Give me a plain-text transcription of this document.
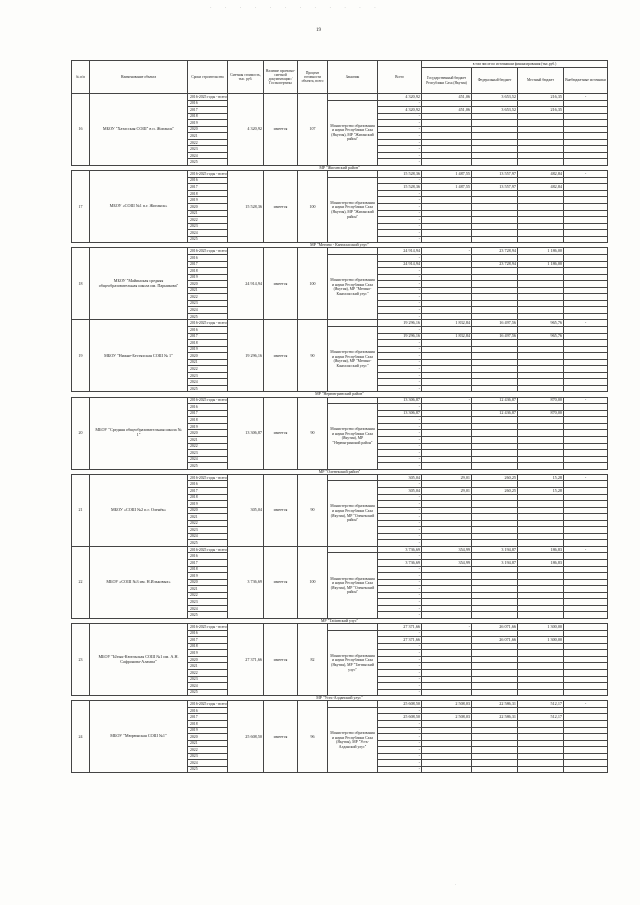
· · · · · · · · · · · ·
19
№ п/п	Наименование объекта	Сроки строительства	Сметная стоимость, тыс. руб.	Наличие проектно-сметной документации / Госэкспертизы	Процент готовности объекта, всего	Заказчик	Всего	в том числе по источникам финансирования (тыс.руб.)			
								Государственный бюджет Республики Саха (Якутия)	Федеральный бюджет	Местный бюджет	Внебюджетные источники
16	МБОУ "Хатасская СОШ" в п. Жиганск"	2016-2025 годы - всего	4 320,92	имеется	107		4 320,92	451,06	3 653,52	216,35	-
		2016				Министерство образования и науки Республики Саха (Якутия), МР "Жиганский район"	-				
		2017					4 320,92	451,06	3 653,52	216,35	
		2018					-				
		2019					-				
		2020					-				
		2021					-				
		2022					-				
		2023					-				
		2024					-				
		2025					-				
МР "Жиганский район"											
17	МБОУ «СОШ №1 п.г. Жиганск»	2016-2025 годы - всего	15 528,36	имеется	100		15 528,36	1 487,55	13 557,97	482,84	-
		2016				Министерство образования и науки Республики Саха (Якутия), МР "Жиганский район"	-				
		2017					15 528,36	1 487,55	13 557,97	482,84	
		2018					-				
		2019					-				
		2020					-				
		2021					-				
		2022					-				
		2023					-				
		2024					-				
		2025					-				
МР "Мегино - Кангаласский улус"											
18	МБОУ "Майинская средняя общеобразовательная школа им. Парникова"	2016-2025 годы - всего	24 914,94	имеется	100		24 914,94	-	23 728,94	1 186,00	
		2016				Министерство образования и науки Республики Саха (Якутия), МР "Мегино-Кангаласский улус"	-				
		2017					24 914,94		23 728,94	1 186,00	
		2018					-				
		2019					-				
		2020					-				
		2021					-				
		2022					-				
		2023					-				
		2024					-				
		2025					-				
19	МБОУ "Нижне-Бестяхская СОШ № 1"	2016-2025 годы - всего	19 296,16	имеется	90		19 296,16	1 832,84	16 497,56	965,76	-
		2016				Министерство образования и науки Республики Саха (Якутия), МР "Мегино-Кангаласский улус"	-				
		2017					19 296,16	1 832,84	16 497,56	965,76	
		2018					-				
		2019					-				
		2020					-				
		2021					-				
		2022					-				
		2023					-				
		2024					-				
		2025					-				
МР "Нерюнгринский район"											
20	МБОУ "Средняя общеобразовательная школа № 1"	2016-2025 годы - всего	13 306,87	имеется	90		13 306,87	-	12 436,87	870,00	-
		2016				Министерство образования и науки Республики Саха (Якутия), МР "Нерюнгринский район"	-				
		2017					13 306,87		12 436,87	870,00	
		2018					-				
		2019					-				
		2020					-				
		2021					-				
		2022					-				
		2023					-				
		2024					-				
		2025					-				
МР "Оленекский район"											
21	МБОУ «СОШ №2 п.г. Оленёк»	2016-2025 годы - всего	305,04	имеется	90		305,04	29,01	260,25	15,28	-
		2016				Министерство образования и науки Республики Саха (Якутия), МР "Оленекский район"	-				
		2017					305,04	29,01	260,25	15,28	
		2018					-				
		2019					-				
		2020					-				
		2021					-				
		2022					-				
		2023					-				
		2024					-				
		2025					-				
22	МБОУ «СОШ №3 им. Н.Ильковых»	2016-2025 годы - всего	3 736,69	имеется	100		3 736,69	354,99	3 194,87	186,83	-
		2016				Министерство образования и науки Республики Саха (Якутия), МР "Оленекский район"	-				
		2017					3 736,69	354,99	3 194,87	186,83	
		2018					-				
		2019					-				
		2020					-				
		2021					-				
		2022					-				
		2023					-				
		2024					-				
		2025					-				
МР "Тattинский улус"											
23	МБОУ "Ытык-Кюельская СОШ №1 им. А.Н. Сафронова-Алампа"	2016-2025 годы - всего	27 371,66	имеется	82		27 371,66	-	26 071,66	1 300,00	
		2016				Министерство образования и науки Республики Саха (Якутия), МР "Таттинский улус"	-				
		2017					27 371,66		26 071,66	1 300,00	
		2018					-				
		2019					-				
		2020					-				
		2021					-				
		2022					-				
		2023					-				
		2024					-				
		2025					-				
МР "Усть-Алданский улус"											
24	МБОУ "Мюрюнская СОШ №1"	2016-2025 годы - всего	25 608,50	имеется	96		25 608,50	2 508,03	22 586,31	512,17	-
		2016				Министерство образования и науки Республики Саха (Якутия), МР "Усть-Алданский улус"	-				
		2017					25 608,50	2 508,03	22 586,31	512,17	
		2018					-				
		2019					-				
		2020					-				
		2021					-				
		2022					-				
		2023					-				
		2024					-				
		2025					-				
·
